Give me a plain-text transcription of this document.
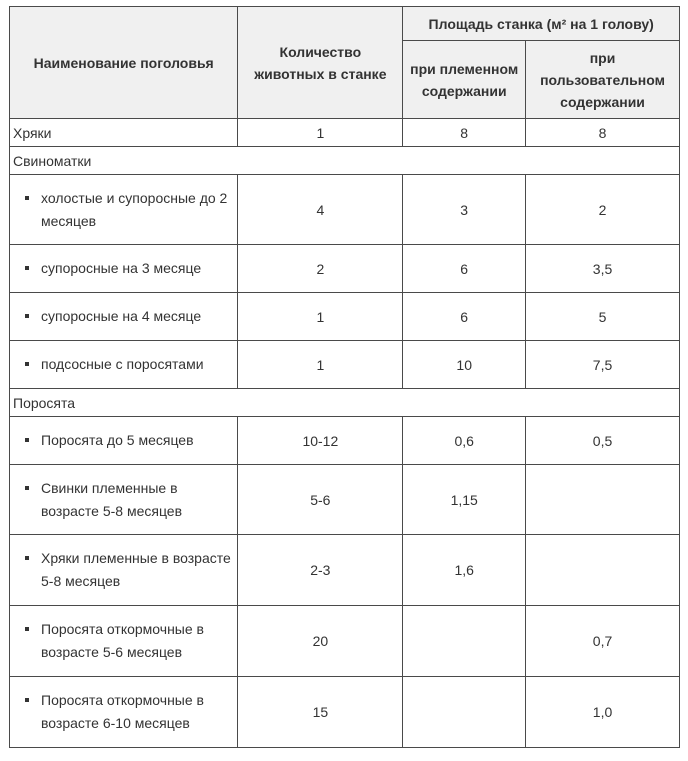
Наименование поголовья	Количество животных в станке	Площадь станка (м² на 1 голову)	
		при племенном содержании	при пользовательном содержании
Хряки	1	8	8
Свиноматки			

холостые и супоросные до 2 месяцев	4	3	2

супоросные на 3 месяце	2	6	3,5

супоросные на 4 месяце	1	6	5

подсосные с поросятами	1	10	7,5
Поросята			

Поросята до 5 месяцев	10-12	0,6	0,5

Свинки племенные в возрасте 5-8 месяцев	5-6	1,15	

Хряки племенные в возрасте 5-8 месяцев	2-3	1,6	

Поросята откормочные в возрасте 5-6 месяцев	20		0,7

Поросята откормочные в возрасте 6-10 месяцев	15		1,0
